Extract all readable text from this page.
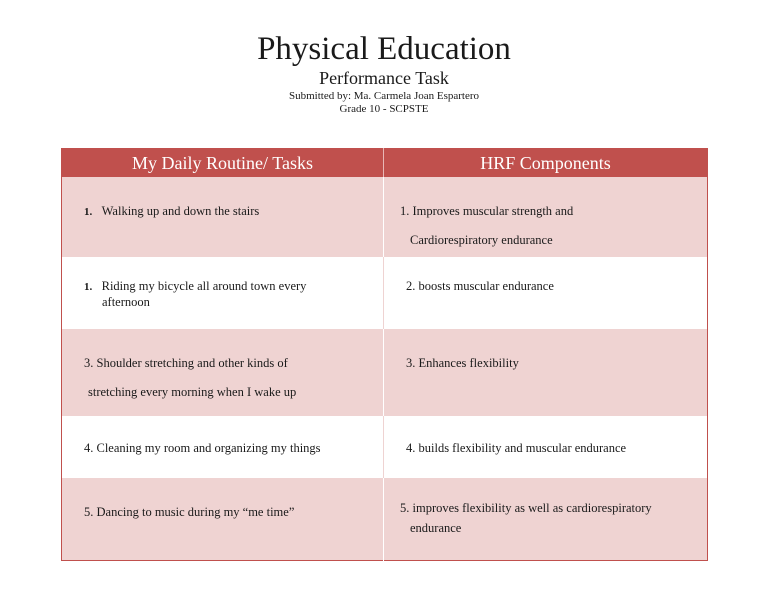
Physical Education
Performance Task
Submitted by: Ma. Carmela Joan Espartero
Grade 10 - SCPSTE
My Daily Routine/ Tasks	HRF Components

1. Walking up and down the stairs	1. Improves muscular strength and
Cardiorespiratory endurance

1. Riding my bicycle all around town every
afternoon	2. boosts muscular endurance

3. Shoulder stretching and other kinds of
stretching every morning when I wake up	3. Enhances flexibility

4. Cleaning my room and organizing my things	4. builds flexibility and muscular endurance

5. Dancing to music during my “me time”	5. improves flexibility as well as cardiorespiratory
endurance
